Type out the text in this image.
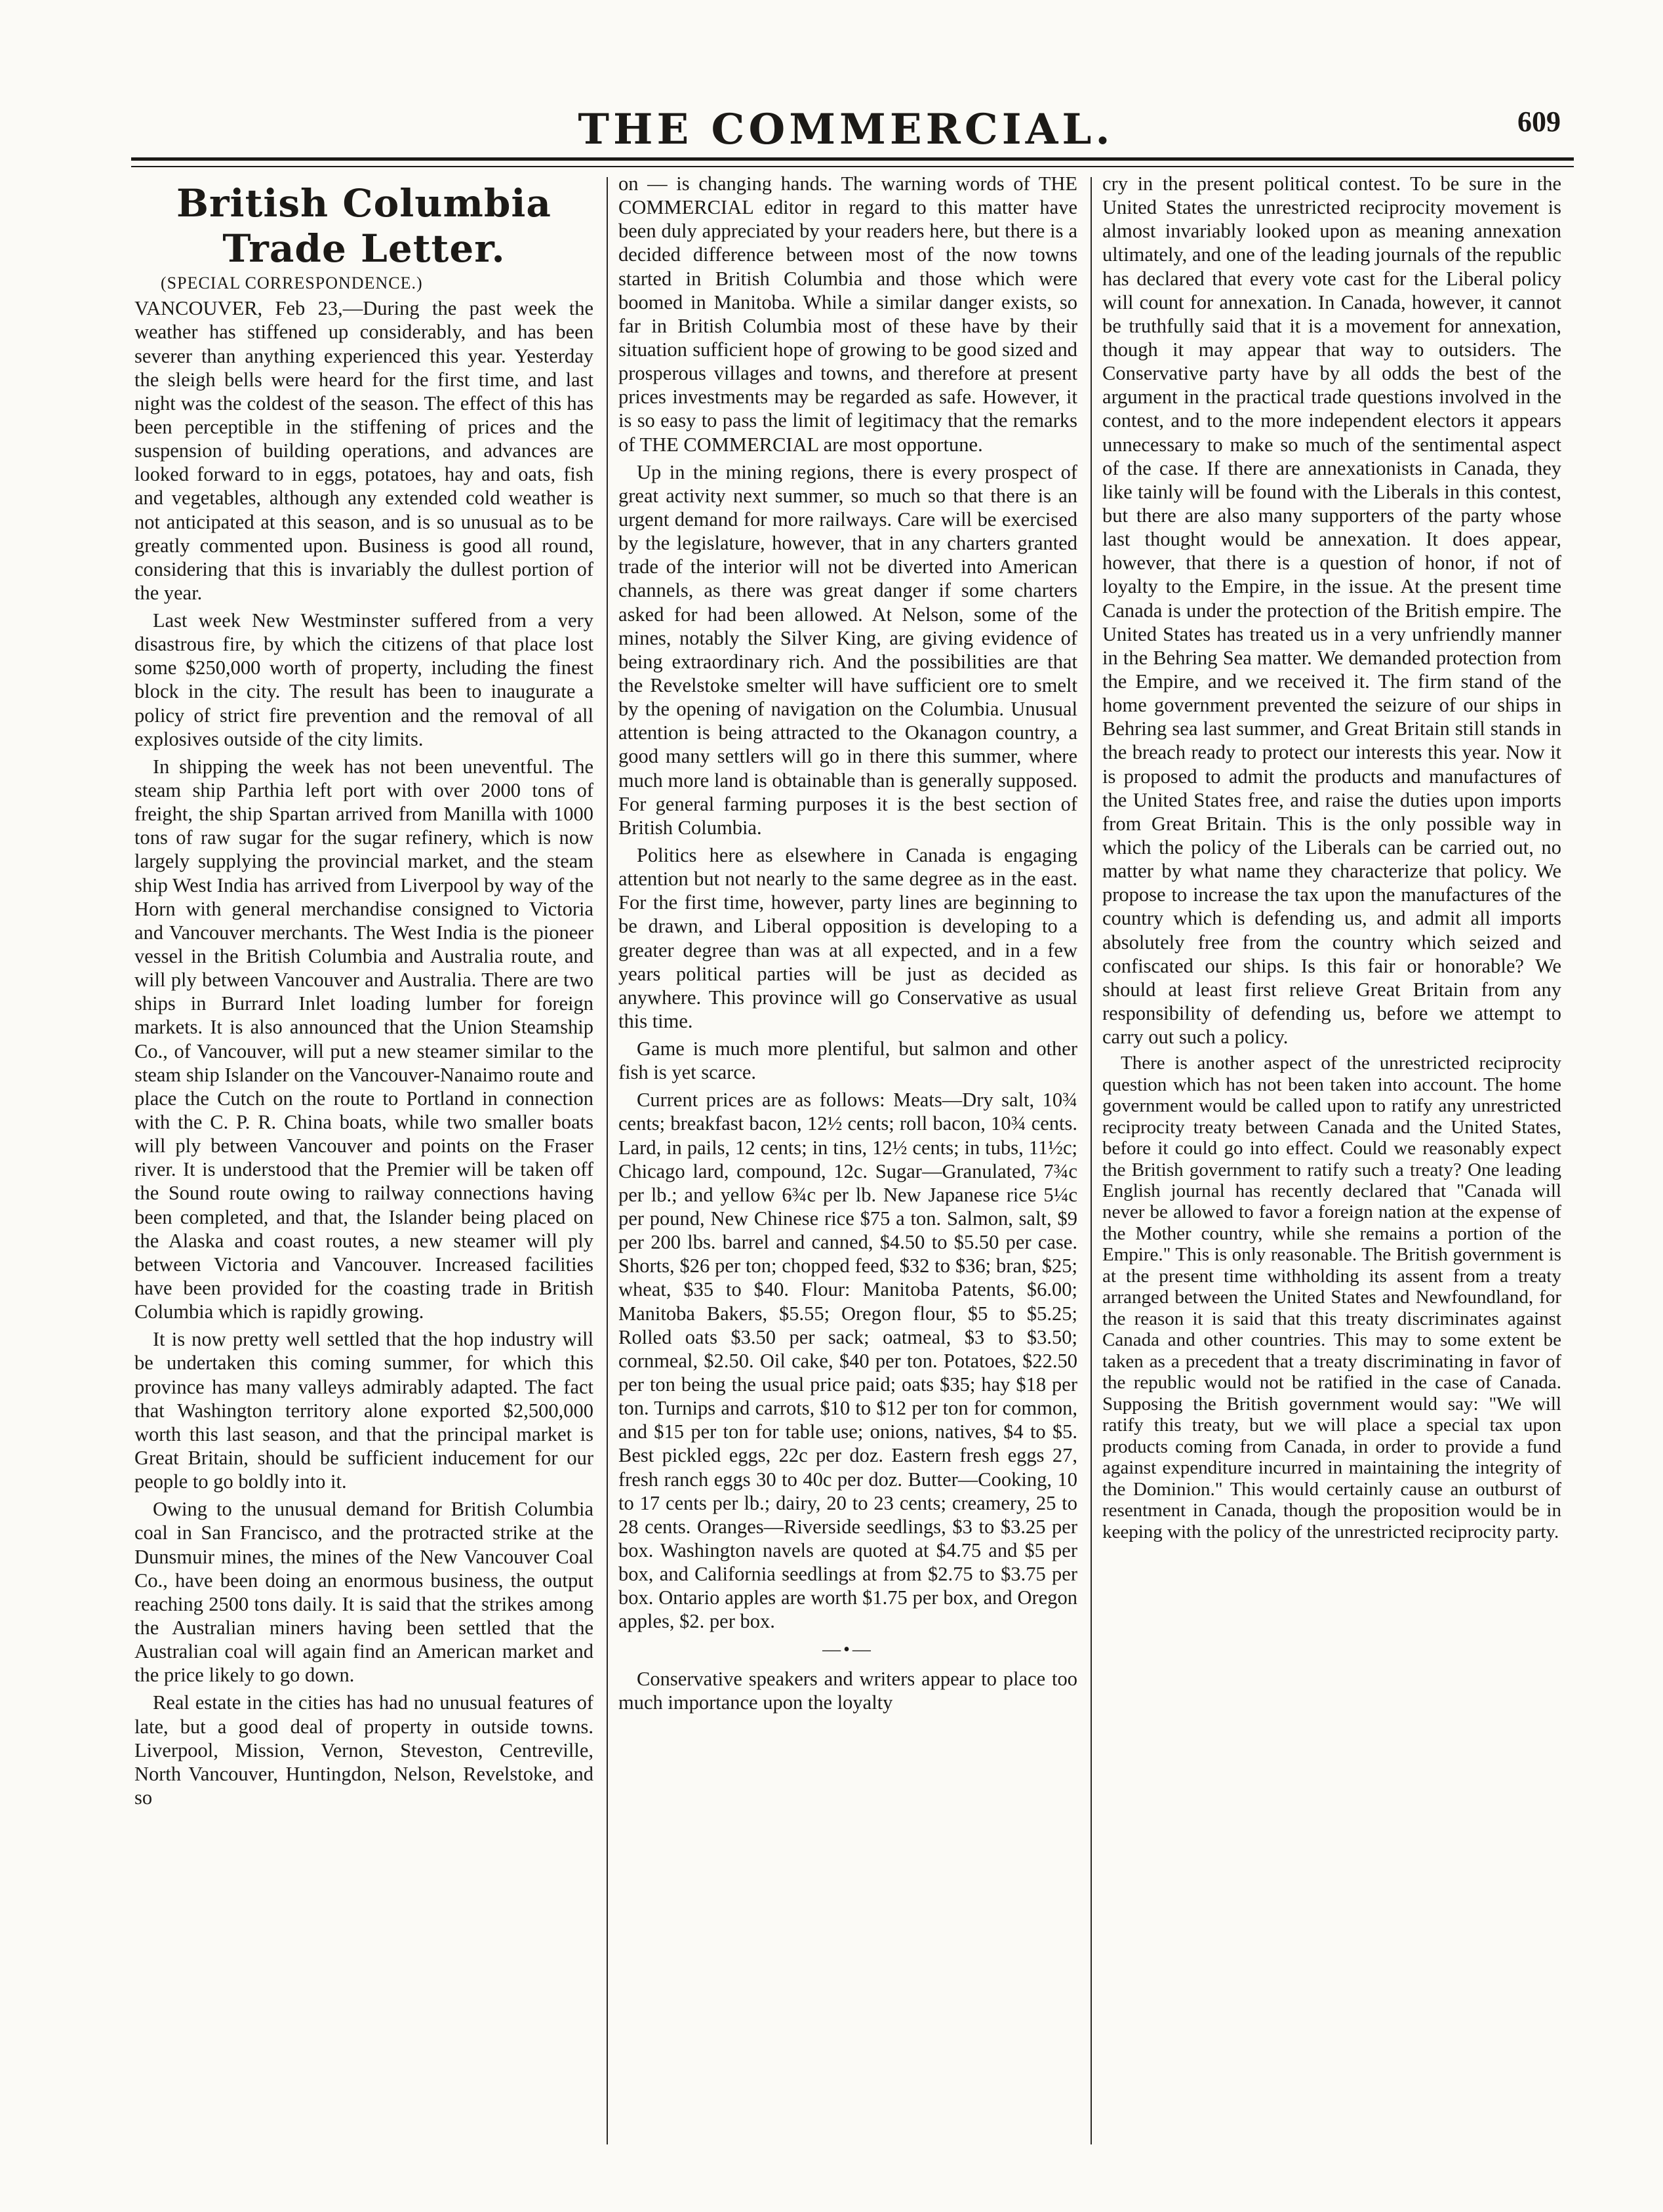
THE COMMERCIAL.	609
British Columbia Trade Letter.
(SPECIAL CORRESPONDENCE.)

VANCOUVER, Feb 23,—During the past week the weather has stiffened up considerably, and has been severer than anything experienced this year. Yesterday the sleigh bells were heard for the first time, and last night was the coldest of the season. The effect of this has been perceptible in the stiffening of prices and the suspension of building operations, and advances are looked forward to in eggs, potatoes, hay and oats, fish and vegetables, although any extended cold weather is not anticipated at this season, and is so unusual as to be greatly commented upon. Business is good all round, considering that this is invariably the dullest portion of the year.

Last week New Westminster suffered from a very disastrous fire, by which the citizens of that place lost some $250,000 worth of property, including the finest block in the city. The result has been to inaugurate a policy of strict fire prevention and the removal of all explosives outside of the city limits.

In shipping the week has not been uneventful. The steam ship Parthia left port with over 2000 tons of freight, the ship Spartan arrived from Manilla with 1000 tons of raw sugar for the sugar refinery, which is now largely supplying the provincial market, and the steam ship West India has arrived from Liverpool by way of the Horn with general merchandise consigned to Victoria and Vancouver merchants. The West India is the pioneer vessel in the British Columbia and Australia route, and will ply between Vancouver and Australia. There are two ships in Burrard Inlet loading lumber for foreign markets. It is also announced that the Union Steamship Co., of Vancouver, will put a new steamer similar to the steam ship Islander on the Vancouver-Nanaimo route and place the Cutch on the route to Portland in connection with the C. P. R. China boats, while two smaller boats will ply between Vancouver and points on the Fraser river. It is understood that the Premier will be taken off the Sound route owing to railway connections having been completed, and that, the Islander being placed on the Alaska and coast routes, a new steamer will ply between Victoria and Vancouver. Increased facilities have been provided for the coasting trade in British Columbia which is rapidly growing.

It is now pretty well settled that the hop industry will be undertaken this coming summer, for which this province has many valleys admirably adapted. The fact that Washington territory alone exported $2,500,000 worth this last season, and that the principal market is Great Britain, should be sufficient inducement for our people to go boldly into it.

Owing to the unusual demand for British Columbia coal in San Francisco, and the protracted strike at the Dunsmuir mines, the mines of the New Vancouver Coal Co., have been doing an enormous business, the output reaching 2500 tons daily. It is said that the strikes among the Australian miners having been settled that the Australian coal will again find an American market and the price likely to go down.

Real estate in the cities has had no unusual features of late, but a good deal of property in outside towns. Liverpool, Mission, Vernon, Steveston, Centreville, North Vancouver, Huntingdon, Nelson, Revelstoke, and so

on — is changing hands. The warning words of THE COMMERCIAL editor in regard to this matter have been duly appreciated by your readers here, but there is a decided difference between most of the now towns started in British Columbia and those which were boomed in Manitoba. While a similar danger exists, so far in British Columbia most of these have by their situation sufficient hope of growing to be good sized and prosperous villages and towns, and therefore at present prices investments may be regarded as safe. However, it is so easy to pass the limit of legitimacy that the remarks of THE COMMERCIAL are most opportune.

Up in the mining regions, there is every prospect of great activity next summer, so much so that there is an urgent demand for more railways. Care will be exercised by the legislature, however, that in any charters granted trade of the interior will not be diverted into American channels, as there was great danger if some charters asked for had been allowed. At Nelson, some of the mines, notably the Silver King, are giving evidence of being extraordinary rich. And the possibilities are that the Revelstoke smelter will have sufficient ore to smelt by the opening of navigation on the Columbia. Unusual attention is being attracted to the Okanagon country, a good many settlers will go in there this summer, where much more land is obtainable than is generally supposed. For general farming purposes it is the best section of British Columbia.

Politics here as elsewhere in Canada is engaging attention but not nearly to the same degree as in the east. For the first time, however, party lines are beginning to be drawn, and Liberal opposition is developing to a greater degree than was at all expected, and in a few years political parties will be just as decided as anywhere. This province will go Conservative as usual this time.

Game is much more plentiful, but salmon and other fish is yet scarce.

Current prices are as follows: Meats—Dry salt, 10¾ cents; breakfast bacon, 12½ cents; roll bacon, 10¾ cents. Lard, in pails, 12 cents; in tins, 12½ cents; in tubs, 11½c; Chicago lard, compound, 12c. Sugar—Granulated, 7¾c per lb.; and yellow 6¾c per lb. New Japanese rice 5¼c per pound, New Chinese rice $75 a ton. Salmon, salt, $9 per 200 lbs. barrel and canned, $4.50 to $5.50 per case. Shorts, $26 per ton; chopped feed, $32 to $36; bran, $25; wheat, $35 to $40. Flour: Manitoba Patents, $6.00; Manitoba Bakers, $5.55; Oregon flour, $5 to $5.25; Rolled oats $3.50 per sack; oatmeal, $3 to $3.50; cornmeal, $2.50. Oil cake, $40 per ton. Potatoes, $22.50 per ton being the usual price paid; oats $35; hay $18 per ton. Turnips and carrots, $10 to $12 per ton for common, and $15 per ton for table use; onions, natives, $4 to $5. Best pickled eggs, 22c per doz. Eastern fresh eggs 27, fresh ranch eggs 30 to 40c per doz. Butter—Cooking, 10 to 17 cents per lb.; dairy, 20 to 23 cents; creamery, 25 to 28 cents. Oranges—Riverside seedlings, $3 to $3.25 per box. Washington navels are quoted at $4.75 and $5 per box, and California seedlings at from $2.75 to $3.75 per box. Ontario apples are worth $1.75 per box, and Oregon apples, $2. per box.

—•—

Conservative speakers and writers appear to place too much importance upon the loyalty

cry in the present political contest. To be sure in the United States the unrestricted reciprocity movement is almost invariably looked upon as meaning annexation ultimately, and one of the leading journals of the republic has declared that every vote cast for the Liberal policy will count for annexation. In Canada, however, it cannot be truthfully said that it is a movement for annexation, though it may appear that way to outsiders. The Conservative party have by all odds the best of the argument in the practical trade questions involved in the contest, and to the more independent electors it appears unnecessary to make so much of the sentimental aspect of the case. If there are annexationists in Canada, they like tainly will be found with the Liberals in this contest, but there are also many supporters of the party whose last thought would be annexation. It does appear, however, that there is a question of honor, if not of loyalty to the Empire, in the issue. At the present time Canada is under the protection of the British empire. The United States has treated us in a very unfriendly manner in the Behring Sea matter. We demanded protection from the Empire, and we received it. The firm stand of the home government prevented the seizure of our ships in Behring sea last summer, and Great Britain still stands in the breach ready to protect our interests this year. Now it is proposed to admit the products and manufactures of the United States free, and raise the duties upon imports from Great Britain. This is the only possible way in which the policy of the Liberals can be carried out, no matter by what name they characterize that policy. We propose to increase the tax upon the manufactures of the country which is defending us, and admit all imports absolutely free from the country which seized and confiscated our ships. Is this fair or honorable? We should at least first relieve Great Britain from any responsibility of defending us, before we attempt to carry out such a policy.

There is another aspect of the unrestricted reciprocity question which has not been taken into account. The home government would be called upon to ratify any unrestricted reciprocity treaty between Canada and the United States, before it could go into effect. Could we reasonably expect the British government to ratify such a treaty? One leading English journal has recently declared that "Canada will never be allowed to favor a foreign nation at the expense of the Mother country, while she remains a portion of the Empire." This is only reasonable. The British government is at the present time withholding its assent from a treaty arranged between the United States and Newfoundland, for the reason it is said that this treaty discriminates against Canada and other countries. This may to some extent be taken as a precedent that a treaty discriminating in favor of the republic would not be ratified in the case of Canada. Supposing the British government would say: "We will ratify this treaty, but we will place a special tax upon products coming from Canada, in order to provide a fund against expenditure incurred in maintaining the integrity of the Dominion." This would certainly cause an outburst of resentment in Canada, though the proposition would be in keeping with the policy of the unrestricted reciprocity party.
